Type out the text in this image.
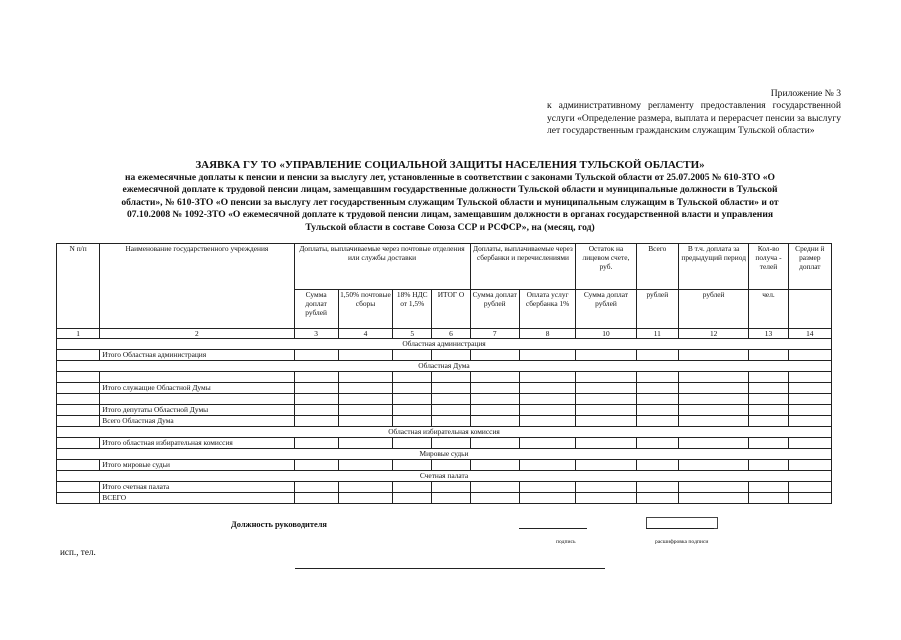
Приложение № 3
к административному регламенту предоставления государственной услуги «Определение размера, выплата и перерасчет пенсии за выслугу лет государственным гражданским служащим Тульской области»
ЗАЯВКА ГУ ТО «УПРАВЛЕНИЕ СОЦИАЛЬНОЙ ЗАЩИТЫ НАСЕЛЕНИЯ ТУЛЬСКОЙ ОБЛАСТИ»
на ежемесячные доплаты к пенсии и пенсии за выслугу лет, установленные в соответствии с законами Тульской области от 25.07.2005 № 610-ЗТО «О ежемесячной доплате к трудовой пенсии лицам, замещавшим государственные должности Тульской области и муниципальные должности в Тульской области», № 610-ЗТО «О пенсии за выслугу лет государственным служащим Тульской области и муниципальным служащим в Тульской области» и от 07.10.2008 № 1092-ЗТО «О ежемесячной доплате к трудовой пенсии лицам, замещавшим должности в органах государственной власти и управления Тульской области в составе Союза ССР и РСФСР», на (месяц, год)
N п/п	Наименование государственного учреждения	Доплаты, выплачиваемые через почтовые отделения или службы доставки				Доплаты, выплачиваемые через сбербанки и перечислениями		Остаток на лицевом счете, руб.	Всего	В т.ч. доплата за предыдущий период	Кол-во получа - телей	Средни й размер доплат
		Сумма доплат рублей	1,50% почтовые сборы	18% НДС от 1,5%	ИТОГ О	Сумма доплат рублей	Оплата услуг сбербанка 1%	Сумма доплат рублей	рублей	рублей	чел.	
1	2	3	4	5	6	7	8	10	11	12	13	14
Областная администрация												
	Итого Областная администрация											
Областная Дума												

	Итого служащие Областной Думы											

	Итого депутаты Областной Думы											
	Всего Областная Дума											
Областная избирательная комиссия												
	Итого областная избирательная комиссия											
Мировые судьи												
	Итого мировые судьи											
Счетная палата												
	Итого счетная палата											
	ВСЕГО											
Должность руководителя
подпись	расшифровка подписи
исп., тел.
